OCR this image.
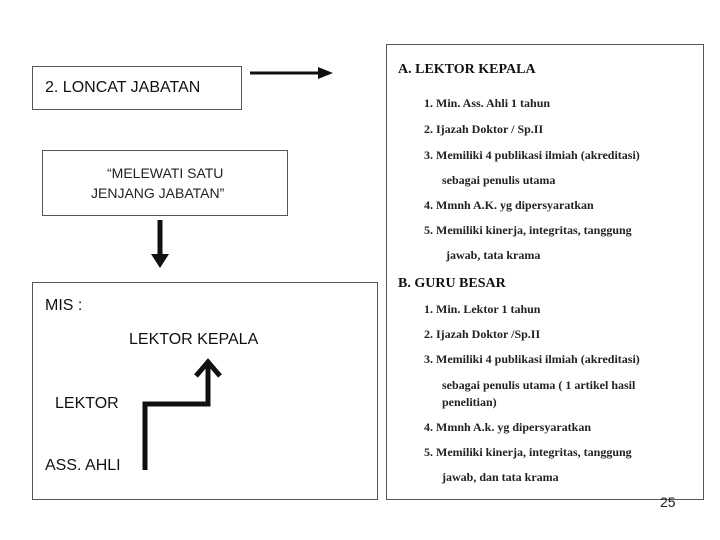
2. LONCAT JABATAN
“MELEWATI SATU
JENJANG JABATAN”
MIS :
LEKTOR KEPALA
LEKTOR
ASS. AHLI
A. LEKTOR KEPALA
1. Min. Ass. Ahli 1 tahun
2. Ijazah Doktor / Sp.II
3. Memiliki 4 publikasi ilmiah (akreditasi)
sebagai penulis utama
4. Mmnh A.K. yg dipersyaratkan
5. Memiliki kinerja, integritas, tanggung
jawab, tata krama
B. GURU BESAR
1. Min. Lektor 1 tahun
2. Ijazah Doktor /Sp.II
3. Memiliki 4 publikasi ilmiah (akreditasi)
sebagai penulis utama ( 1 artikel hasil
penelitian)
4. Mmnh A.k. yg dipersyaratkan
5. Memiliki kinerja, integritas, tanggung
jawab, dan tata krama
25
